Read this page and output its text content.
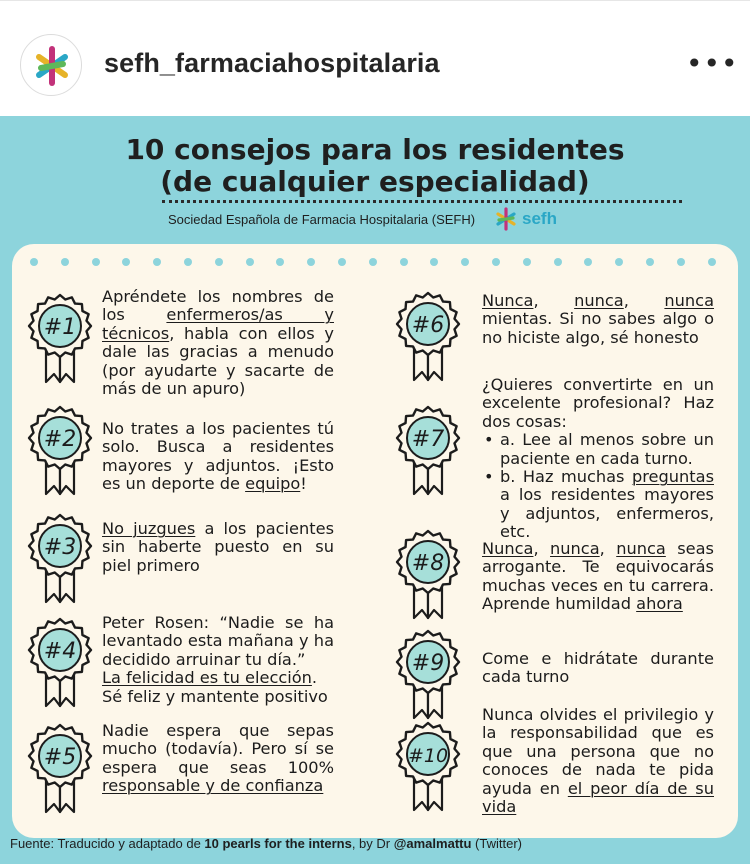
sefh_farmaciahospitalaria	•••
10 consejos para los residentes
(de cualquier especialidad)
Sociedad Española de Farmacia Hospitalaria (SEFH)	sefh
#1
Apréndete los nombres de los enfermeros/as y técnicos, habla con ellos y dale las gracias a menudo (por ayudarte y sacarte de más de un apuro)
#2 No trates a los pacientes tú solo. Busca a residentes mayores y adjuntos. ¡Esto es un deporte de equipo!
#3
No juzgues a los pacientes sin haberte puesto en su piel primero
#4
Peter Rosen: “Nadie se ha levantado esta mañana y ha decidido arruinar tu día.”
La felicidad es tu elección.
Sé feliz y mantente positivo
#5
Nadie espera que sepas mucho (todavía). Pero sí se espera que seas 100% responsable y de confianza
#6
Nunca, nunca, nunca mientas. Si no sabes algo o no hiciste algo, sé honesto
#7
¿Quieres convertirte en un excelente profesional? Haz dos cosas:
• a. Lee al menos sobre un paciente en cada turno.
• b. Haz muchas preguntas a los residentes mayores y adjuntos, enfermeros, etc.
#8
Nunca, nunca, nunca seas arrogante. Te equivocarás muchas veces en tu carrera. Aprende humildad ahora
#9 Come e hidrátate durante cada turno
#10
Nunca olvides el privilegio y la responsabilidad que es que una persona que no conoces de nada te pida ayuda en el peor día de su vida
Fuente: Traducido y adaptado de 10 pearls for the interns, by Dr @amalmattu (Twitter)
